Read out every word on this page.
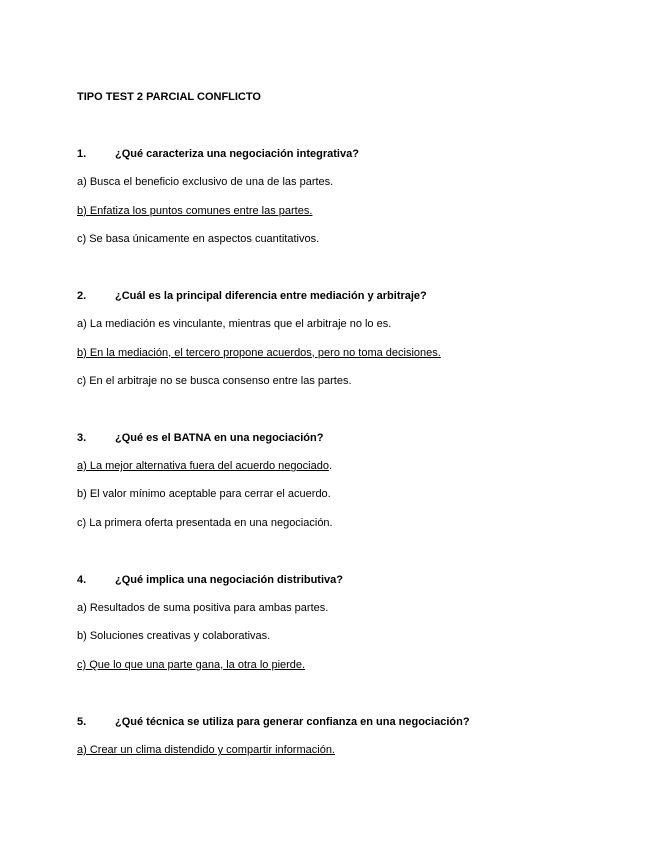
TIPO TEST 2 PARCIAL CONFLICTO
1.	¿Qué caracteriza una negociación integrativa?
a) Busca el beneficio exclusivo de una de las partes.
b) Enfatiza los puntos comunes entre las partes.
c) Se basa únicamente en aspectos cuantitativos.
2.	¿Cuál es la principal diferencia entre mediación y arbitraje?
a) La mediación es vinculante, mientras que el arbitraje no lo es.
b) En la mediación, el tercero propone acuerdos, pero no toma decisiones.
c) En el arbitraje no se busca consenso entre las partes.
3.	¿Qué es el BATNA en una negociación?
a) La mejor alternativa fuera del acuerdo negociado.
b) El valor mínimo aceptable para cerrar el acuerdo.
c) La primera oferta presentada en una negociación.
4.	¿Qué implica una negociación distributiva?
a) Resultados de suma positiva para ambas partes.
b) Soluciones creativas y colaborativas.
c) Que lo que una parte gana, la otra lo pierde.
5.	¿Qué técnica se utiliza para generar confianza en una negociación?
a) Crear un clima distendido y compartir información.
